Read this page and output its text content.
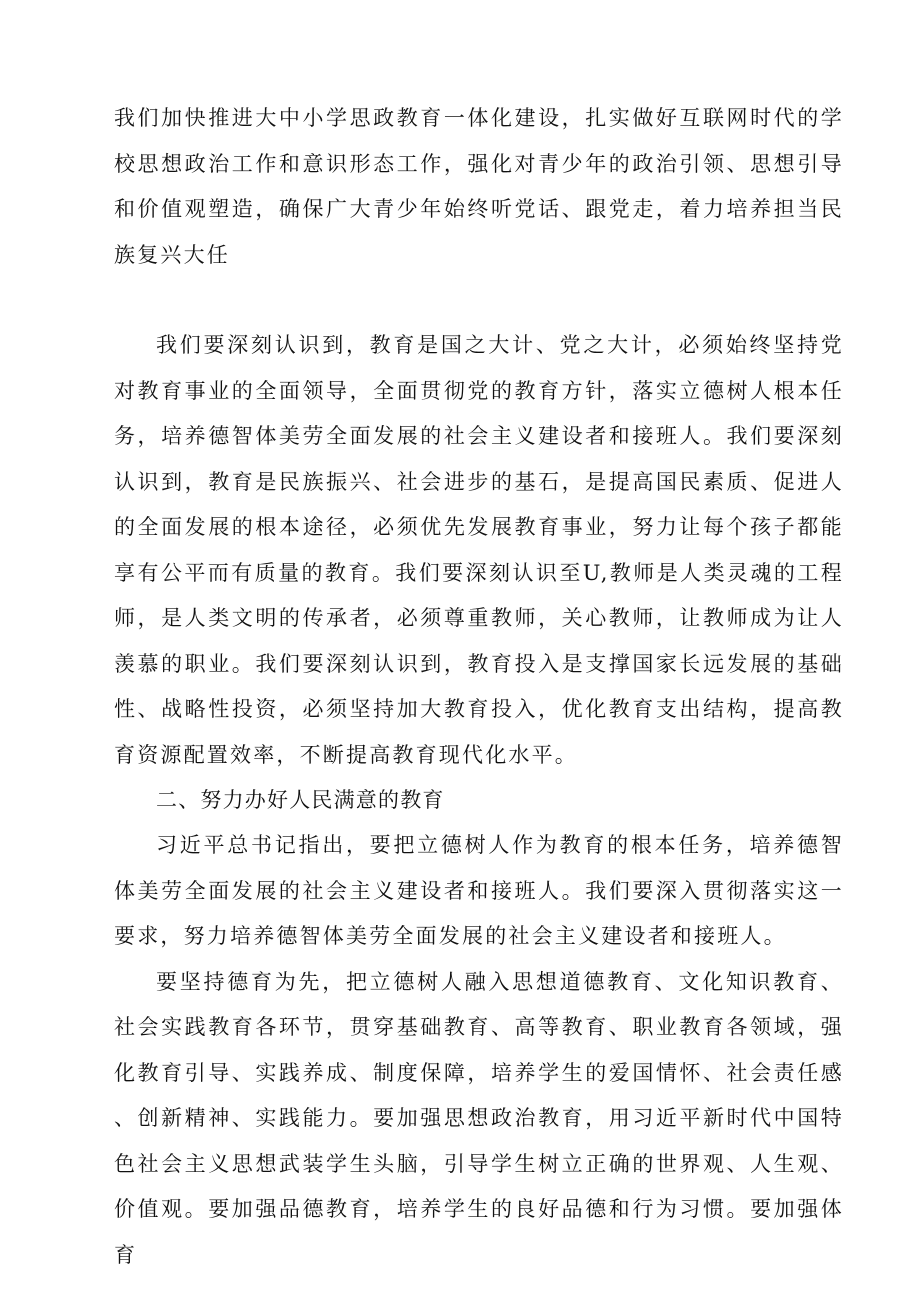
我们加快推进大中小学思政教育一体化建设，扎实做好互联网时代的学校思想政治工作和意识形态工作，强化对青少年的政治引领、思想引导和价值观塑造，确保广大青少年始终听党话、跟党走，着力培养担当民族复兴大任

我们要深刻认识到，教育是国之大计、党之大计，必须始终坚持党对教育事业的全面领导，全面贯彻党的教育方针，落实立德树人根本任务，培养德智体美劳全面发展的社会主义建设者和接班人。我们要深刻认识到，教育是民族振兴、社会进步的基石，是提高国民素质、促进人的全面发展的根本途径，必须优先发展教育事业，努力让每个孩子都能享有公平而有质量的教育。我们要深刻认识至U,教师是人类灵魂的工程师，是人类文明的传承者，必须尊重教师，关心教师，让教师成为让人羡慕的职业。我们要深刻认识到，教育投入是支撑国家长远发展的基础性、战略性投资，必须坚持加大教育投入，优化教育支出结构，提高教育资源配置效率，不断提高教育现代化水平。

二、努力办好人民满意的教育

习近平总书记指出，要把立德树人作为教育的根本任务，培养德智体美劳全面发展的社会主义建设者和接班人。我们要深入贯彻落实这一要求，努力培养德智体美劳全面发展的社会主义建设者和接班人。

要坚持德育为先，把立德树人融入思想道德教育、文化知识教育、社会实践教育各环节，贯穿基础教育、高等教育、职业教育各领域，强化教育引导、实践养成、制度保障，培养学生的爱国情怀、社会责任感、创新精神、实践能力。要加强思想政治教育，用习近平新时代中国特色社会主义思想武装学生头脑，引导学生树立正确的世界观、人生观、价值观。要加强品德教育，培养学生的良好品德和行为习惯。要加强体育
